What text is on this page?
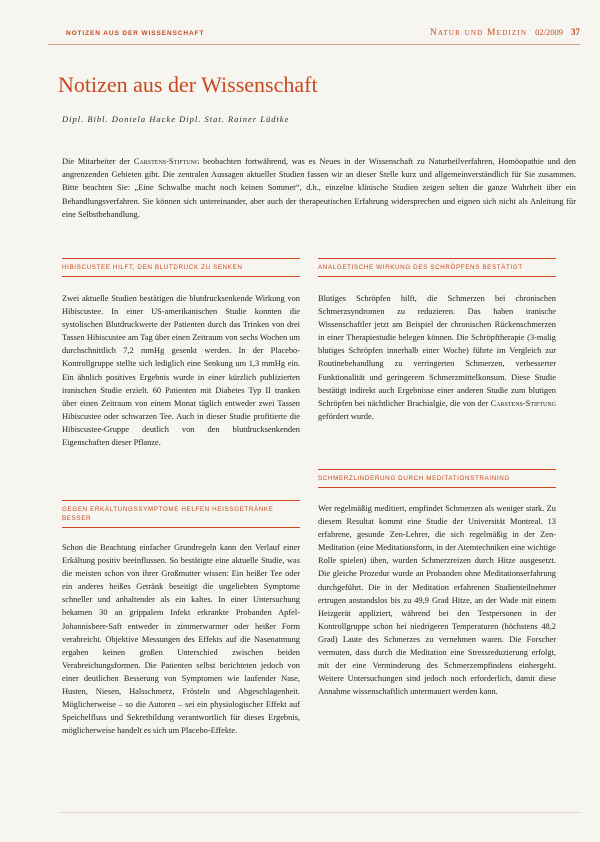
NOTIZEN AUS DER WISSENSCHAFT	Natur und Medizin 02/2009 37
Notizen aus der Wissenschaft
Dipl. Bibl. Doniela Hacke Dipl. Stat. Rainer Lüdtke

Die Mitarbeiter der Carstens-Stiftung beobachten fortwährend, was es Neues in der Wissenschaft zu Naturheilverfahren, Homöopathie und den angrenzenden Gebieten gibt. Die zentralen Aussagen aktueller Studien fassen wir an dieser Stelle kurz und allgemeinverständlich für Sie zusammen. Bitte beachten Sie: „Eine Schwalbe macht noch keinen Sommer“, d.h., einzelne klinische Studien zeigen selten die ganze Wahrheit über ein Behandlungsverfahren. Sie können sich untereinander, aber auch der therapeutischen Erfahrung widersprechen und eignen sich nicht als Anleitung für eine Selbstbehandlung.

HIBISCUSTEE HILFT, DEN BLUTDRUCK ZU SENKEN

Zwei aktuelle Studien bestätigen die blutdrucksenkende Wirkung von Hibiscustee. In einer US-amerikanischen Studie konnten die systolischen Blutdruckwerte der Patienten durch das Trinken von drei Tassen Hibiscustee am Tag über einen Zeitraum von sechs Wochen um durchschnittlich 7,2 mmHg gesenkt werden. In der Placebo-Kontrollgruppe stellte sich lediglich eine Senkung um 1,3 mmHg ein. Ein ähnlich positives Ergebnis wurde in einer kürzlich publizierten iranischen Studie erzielt. 60 Patienten mit Diabetes Typ II tranken über einen Zeitraum von einem Monat täglich entweder zwei Tassen Hibiscustee oder schwarzen Tee. Auch in dieser Studie profitierte die Hibiscustee-Gruppe deutlich von den blutdrucksenkenden Eigenschaften dieser Pflanze.

GEGEN ERKÄLTUNGSSYMPTOME HELFEN HEISSGETRÄNKE BESSER

Schon die Beachtung einfacher Grundregeln kann den Verlauf einer Erkältung positiv beeinflussen. So bestätigte eine aktuelle Studie, was die meisten schon von ihrer Großmutter wissen: Ein heißer Tee oder ein anderes heißes Getränk beseitigt die ungeliebten Symptome schneller und anhaltender als ein kaltes. In einer Untersuchung bekamen 30 an grippalem Infekt erkrankte Probanden Apfel-Johannisbeer-Saft entweder in zimmerwarmer oder heißer Form verabreicht. Objektive Messungen des Effekts auf die Nasenatmung ergaben keinen großen Unterschied zwischen beiden Verabreichungsformen. Die Patienten selbst berichteten jedoch von einer deutlichen Besserung von Symptomen wie laufender Nase, Husten, Niesen, Halsschmerz, Frösteln und Abgeschlagenheit. Möglicherweise – so die Autoren – sei ein physiologischer Effekt auf Speichelfluss und Sekretbildung verantwortlich für dieses Ergebnis, möglicherweise handelt es sich um Placebo-Effekte.

ANALGETISCHE WIRKUNG DES SCHRÖPFENS BESTÄTIGT

Blutiges Schröpfen hilft, die Schmerzen bei chronischen Schmerzsyndromen zu reduzieren. Das haben iranische Wissenschaftler jetzt am Beispiel der chronischen Rückenschmerzen in einer Therapiestudie belegen können. Die Schröpftherapie (3-malig blutiges Schröpfen innerhalb einer Woche) führte im Vergleich zur Routinebehandlung zu verringerten Schmerzen, verbesserter Funktionalität und geringerem Schmerzmittelkonsum. Diese Studie bestätigt indirekt auch Ergebnisse einer anderen Studie zum blutigen Schröpfen bei nächtlicher Brachialgie, die von der Carstens-Stiftung gefördert wurde.

SCHMERZLINDERUNG DURCH MEDITATIONSTRAINING

Wer regelmäßig meditiert, empfindet Schmerzen als weniger stark. Zu diesem Resultat kommt eine Studie der Universität Montreal. 13 erfahrene, gesunde Zen-Lehrer, die sich regelmäßig in der Zen-Meditation (eine Meditationsform, in der Atemtechniken eine wichtige Rolle spielen) üben, wurden Schmerzreizen durch Hitze ausgesetzt. Die gleiche Prozedur wurde an Probanden ohne Meditationserfahrung durchgeführt. Die in der Meditation erfahrenen Studienteilnehmer ertrugen anstandslos bis zu 49,9 Grad Hitze, an der Wade mit einem Heizgerät appliziert, während bei den Testpersonen in der Kontrollgruppe schon bei niedrigeren Temperaturen (höchstens 48,2 Grad) Laute des Schmerzes zu vernehmen waren. Die Forscher vermuten, dass durch die Meditation eine Stressreduzierung erfolgt, mit der eine Verminderung des Schmerzempfindens einhergeht. Weitere Untersuchungen sind jedoch noch erforderlich, damit diese Annahme wissenschaftlich untermauert werden kann.
